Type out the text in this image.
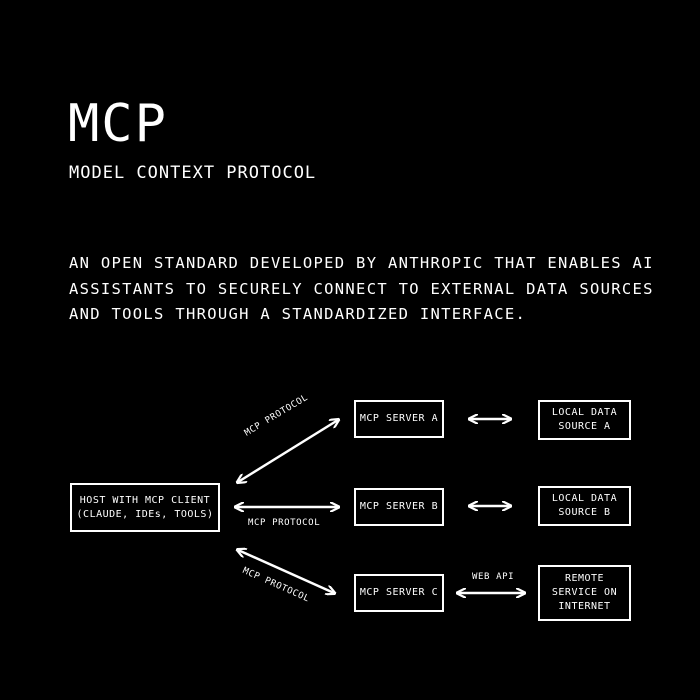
MCP
MODEL CONTEXT PROTOCOL
AN OPEN STANDARD DEVELOPED BY ANTHROPIC THAT ENABLES AI
ASSISTANTS TO SECURELY CONNECT TO EXTERNAL DATA SOURCES
AND TOOLS THROUGH A STANDARDIZED INTERFACE.
HOST WITH MCP CLIENT
(CLAUDE, IDEs, TOOLS)
MCP SERVER A
MCP SERVER B
MCP SERVER C
LOCAL DATA
SOURCE A
LOCAL DATA
SOURCE B
REMOTE
SERVICE ON
INTERNET
MCP PROTOCOL
MCP PROTOCOL
MCP PROTOCOL	WEB API
